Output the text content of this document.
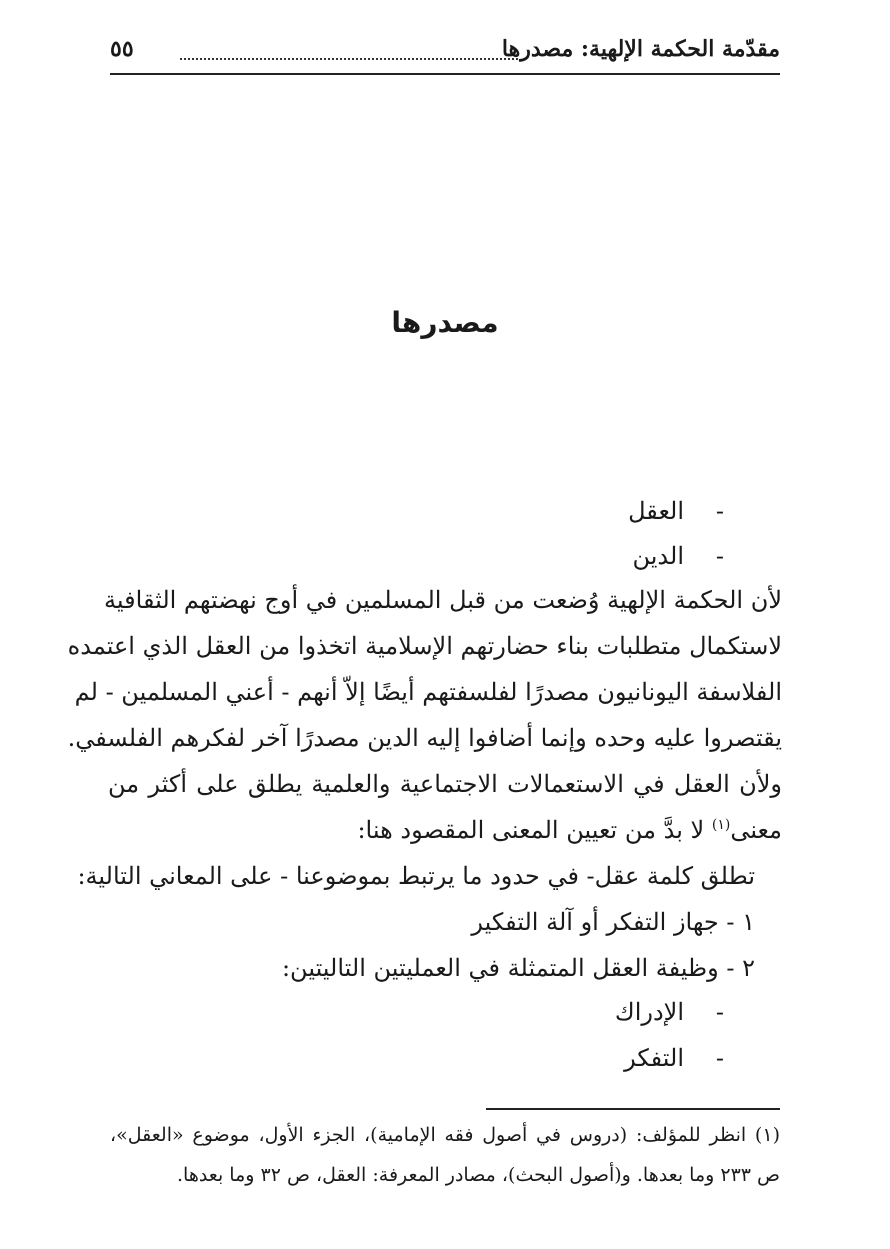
مقدّمة الحكمة الإلهية: مصدرها
٥٥
مصدرها
-العقل
-الدين
لأن الحكمة الإلهية وُضعت من قبل المسلمين في أوج نهضتهم الثقافية
لاستكمال متطلبات بناء حضارتهم الإسلامية اتخذوا من العقل الذي اعتمده
الفلاسفة اليونانيون مصدرًا لفلسفتهم أيضًا إلاّ أنهم - أعني المسلمين - لم
يقتصروا عليه وحده وإنما أضافوا إليه الدين مصدرًا آخر لفكرهم الفلسفي.
ولأن العقل في الاستعمالات الاجتماعية والعلمية يطلق على أكثر من
معنى$^{(١)}$ لا بدَّ من تعيين المعنى المقصود هنا:
تطلق كلمة عقل- في حدود ما يرتبط بموضوعنا - على المعاني التالية:
١ - جهاز التفكر أو آلة التفكير
٢ - وظيفة العقل المتمثلة في العمليتين التاليتين:
-الإدراك
-التفكر
(١) انظر للمؤلف: (دروس في أصول فقه الإمامية)، الجزء الأول، موضوع «العقل»،
ص ٢٣٣ وما بعدها. و(أصول البحث)، مصادر المعرفة: العقل، ص ٣٢ وما بعدها.
